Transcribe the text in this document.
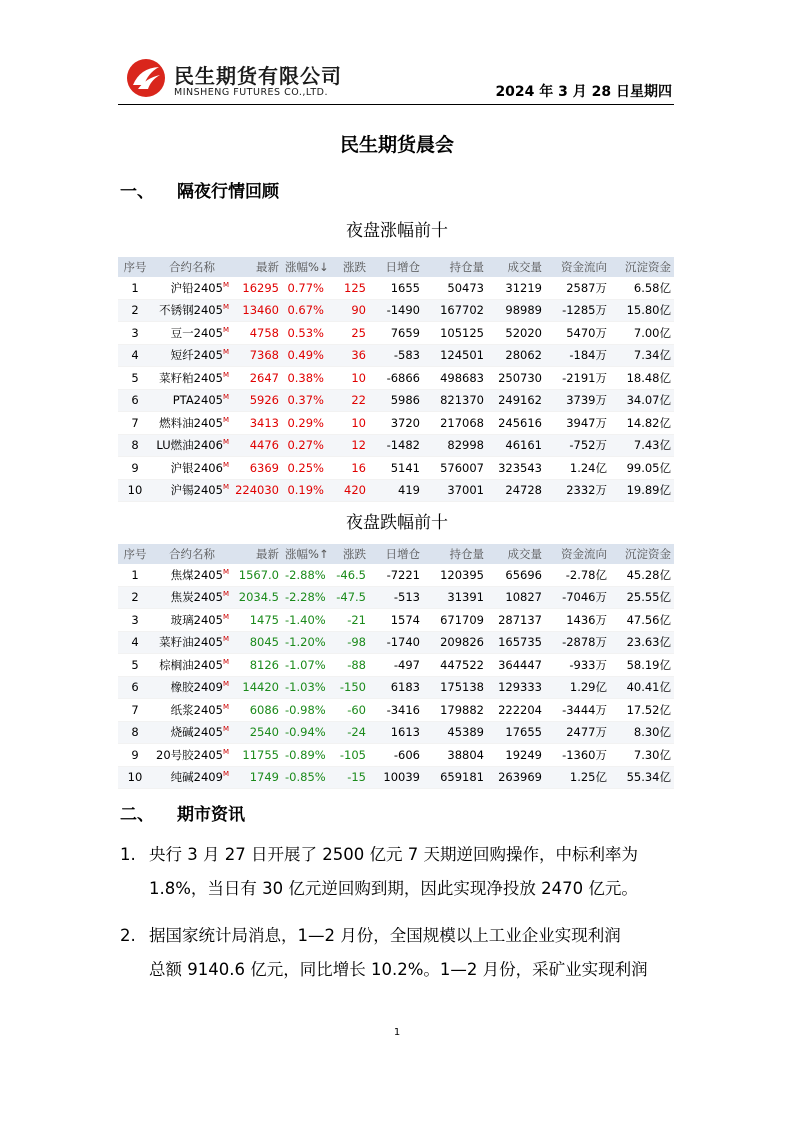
民生期货有限公司
MINSHENG FUTURES CO.,LTD.	2024 年 3 月 28 日星期四
民生期货晨会
一、 隔夜行情回顾
夜盘涨幅前十
序号	合约名称	最新	涨幅%↓	涨跌	日增仓	持仓量	成交量	资金流向	沉淀资金
1	沪铅$2405^M$	16295	0.77%	125	1655	50473	31219	2587万	6.58亿
2	不锈钢$2405^M$	13460	0.67%	90	-1490	167702	98989	-1285万	15.80亿
3	豆一$2405^M$	4758	0.53%	25	7659	105125	52020	5470万	7.00亿
4	短纤$2405^M$	7368	0.49%	36	-583	124501	28062	-184万	7.34亿
5	菜籽粕$2405^M$	2647	0.38%	10	-6866	498683	250730	-2191万	18.48亿
6	$PTA2405^M$	5926	0.37%	22	5986	821370	249162	3739万	34.07亿
7	燃料油$2405^M$	3413	0.29%	10	3720	217068	245616	3947万	14.82亿
8	LU燃油$2406^M$	4476	0.27%	12	-1482	82998	46161	-752万	7.43亿
9	沪银$2406^M$	6369	0.25%	16	5141	576007	323543	1.24亿	99.05亿
10	沪锡$2405^M$	224030	0.19%	420	419	37001	24728	2332万	19.89亿
夜盘跌幅前十
序号	合约名称	最新	涨幅%↑	涨跌	日增仓	持仓量	成交量	资金流向	沉淀资金
1	焦煤$2405^M$	1567.0	-2.88%	-46.5	-7221	120395	65696	-2.78亿	45.28亿
2	焦炭$2405^M$	2034.5	-2.28%	-47.5	-513	31391	10827	-7046万	25.55亿
3	玻璃$2405^M$	1475	-1.40%	-21	1574	671709	287137	1436万	47.56亿
4	菜籽油$2405^M$	8045	-1.20%	-98	-1740	209826	165735	-2878万	23.63亿
5	棕榈油$2405^M$	8126	-1.07%	-88	-497	447522	364447	-933万	58.19亿
6	橡胶$2409^M$	14420	-1.03%	-150	6183	175138	129333	1.29亿	40.41亿
7	纸浆$2405^M$	6086	-0.98%	-60	-3416	179882	222204	-3444万	17.52亿
8	烧碱$2405^M$	2540	-0.94%	-24	1613	45389	17655	2477万	8.30亿
9	20号胶$2405^M$	11755	-0.89%	-105	-606	38804	19249	-1360万	7.30亿
10	纯碱$2409^M$	1749	-0.85%	-15	10039	659181	263969	1.25亿	55.34亿
二、 期市资讯
1. 央行 3 月 27 日开展了 2500 亿元 7 天期逆回购操作，中标利率为
1.8%，当日有 30 亿元逆回购到期，因此实现净投放 2470 亿元。
2. 据国家统计局消息，1—2 月份，全国规模以上工业企业实现利润
总额 9140.6 亿元，同比增长 10.2%。1—2 月份，采矿业实现利润
1
